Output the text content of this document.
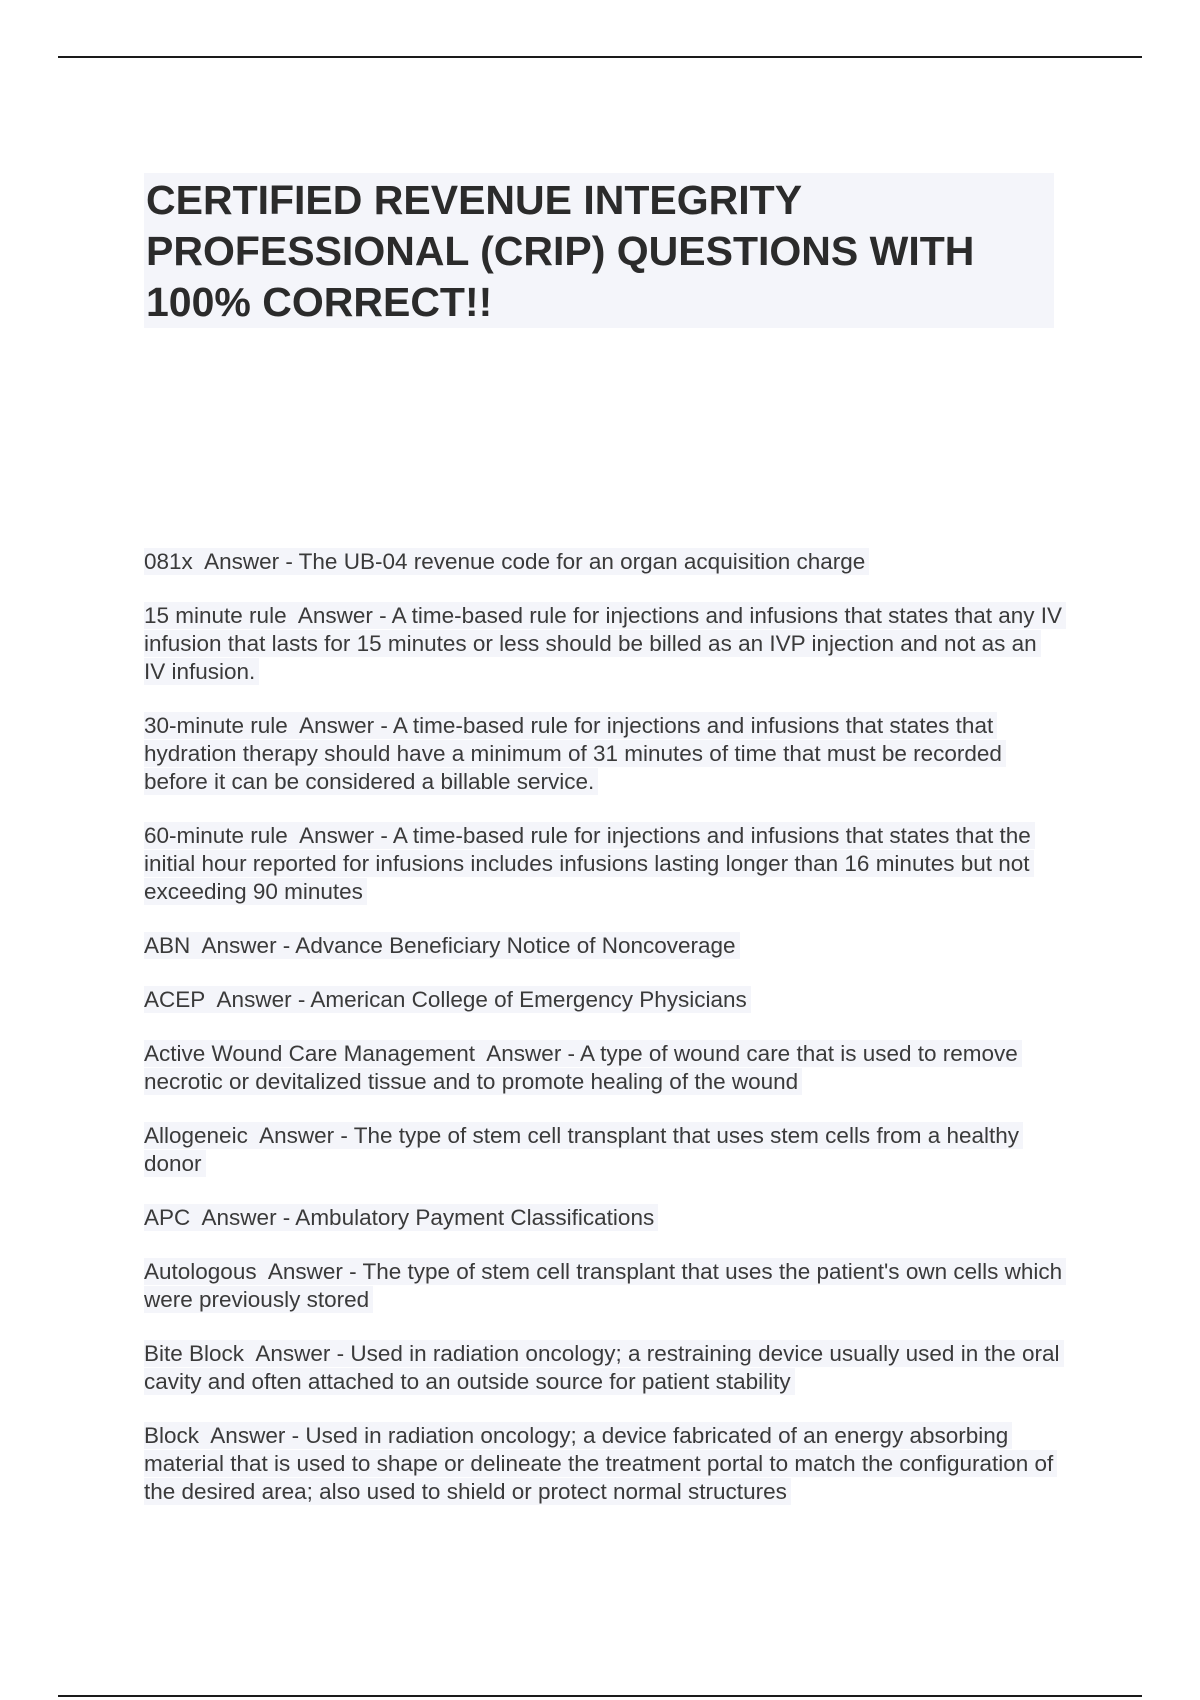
CERTIFIED REVENUE INTEGRITY PROFESSIONAL (CRIP) QUESTIONS WITH 100% CORRECT!!

081x Answer - The UB-04 revenue code for an organ acquisition charge

15 minute rule Answer - A time-based rule for injections and infusions that states that any IV infusion that lasts for 15 minutes or less should be billed as an IVP injection and not as an IV infusion.

30-minute rule Answer - A time-based rule for injections and infusions that states that hydration therapy should have a minimum of 31 minutes of time that must be recorded before it can be considered a billable service.

60-minute rule Answer - A time-based rule for injections and infusions that states that the initial hour reported for infusions includes infusions lasting longer than 16 minutes but not exceeding 90 minutes

ABN Answer - Advance Beneficiary Notice of Noncoverage

ACEP Answer - American College of Emergency Physicians

Active Wound Care Management Answer - A type of wound care that is used to remove necrotic or devitalized tissue and to promote healing of the wound

Allogeneic Answer - The type of stem cell transplant that uses stem cells from a healthy donor

APC Answer - Ambulatory Payment Classifications

Autologous Answer - The type of stem cell transplant that uses the patient's own cells which were previously stored

Bite Block Answer - Used in radiation oncology; a restraining device usually used in the oral cavity and often attached to an outside source for patient stability

Block Answer - Used in radiation oncology; a device fabricated of an energy absorbing material that is used to shape or delineate the treatment portal to match the configuration of the desired area; also used to shield or protect normal structures
